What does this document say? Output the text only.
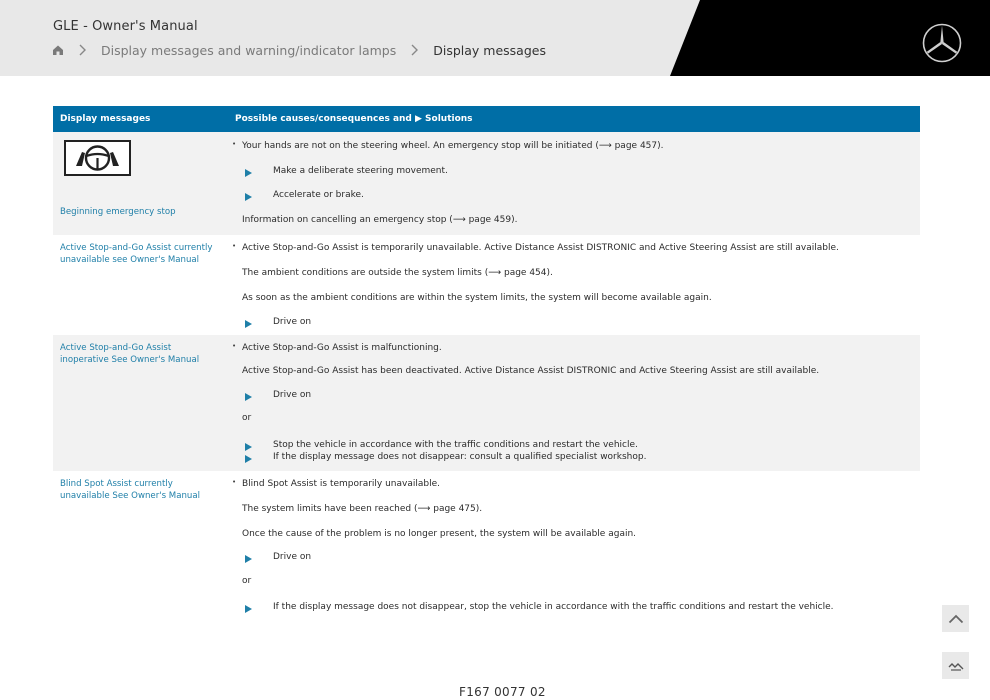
GLE - Owner's Manual
Display messages and warning/indicator lamps	Display messages
Display messages	Possible causes/consequences and ▶ Solutions
Beginning emergency stop
• Your hands are not on the steering wheel. An emergency stop will be initiated (⟶ page 457).
Make a deliberate steering movement.
Accelerate or brake.
Information on cancelling an emergency stop (⟶ page 459).
Active Stop-and-Go Assist currently unavailable see Owner's Manual
• Active Stop-and-Go Assist is temporarily unavailable. Active Distance Assist DISTRONIC and Active Steering Assist are still available.
The ambient conditions are outside the system limits (⟶ page 454).
As soon as the ambient conditions are within the system limits, the system will become available again.
Drive on
Active Stop-and-Go Assist inoperative See Owner's Manual
• Active Stop-and-Go Assist is malfunctioning.
Active Stop-and-Go Assist has been deactivated. Active Distance Assist DISTRONIC and Active Steering Assist are still available.
Drive on
or
Stop the vehicle in accordance with the traffic conditions and restart the vehicle.
If the display message does not disappear: consult a qualified specialist workshop.
Blind Spot Assist currently unavailable See Owner's Manual
• Blind Spot Assist is temporarily unavailable.
The system limits have been reached (⟶ page 475).
Once the cause of the problem is no longer present, the system will be available again.
Drive on
or
If the display message does not disappear, stop the vehicle in accordance with the traffic conditions and restart the vehicle.
F167 0077 02
